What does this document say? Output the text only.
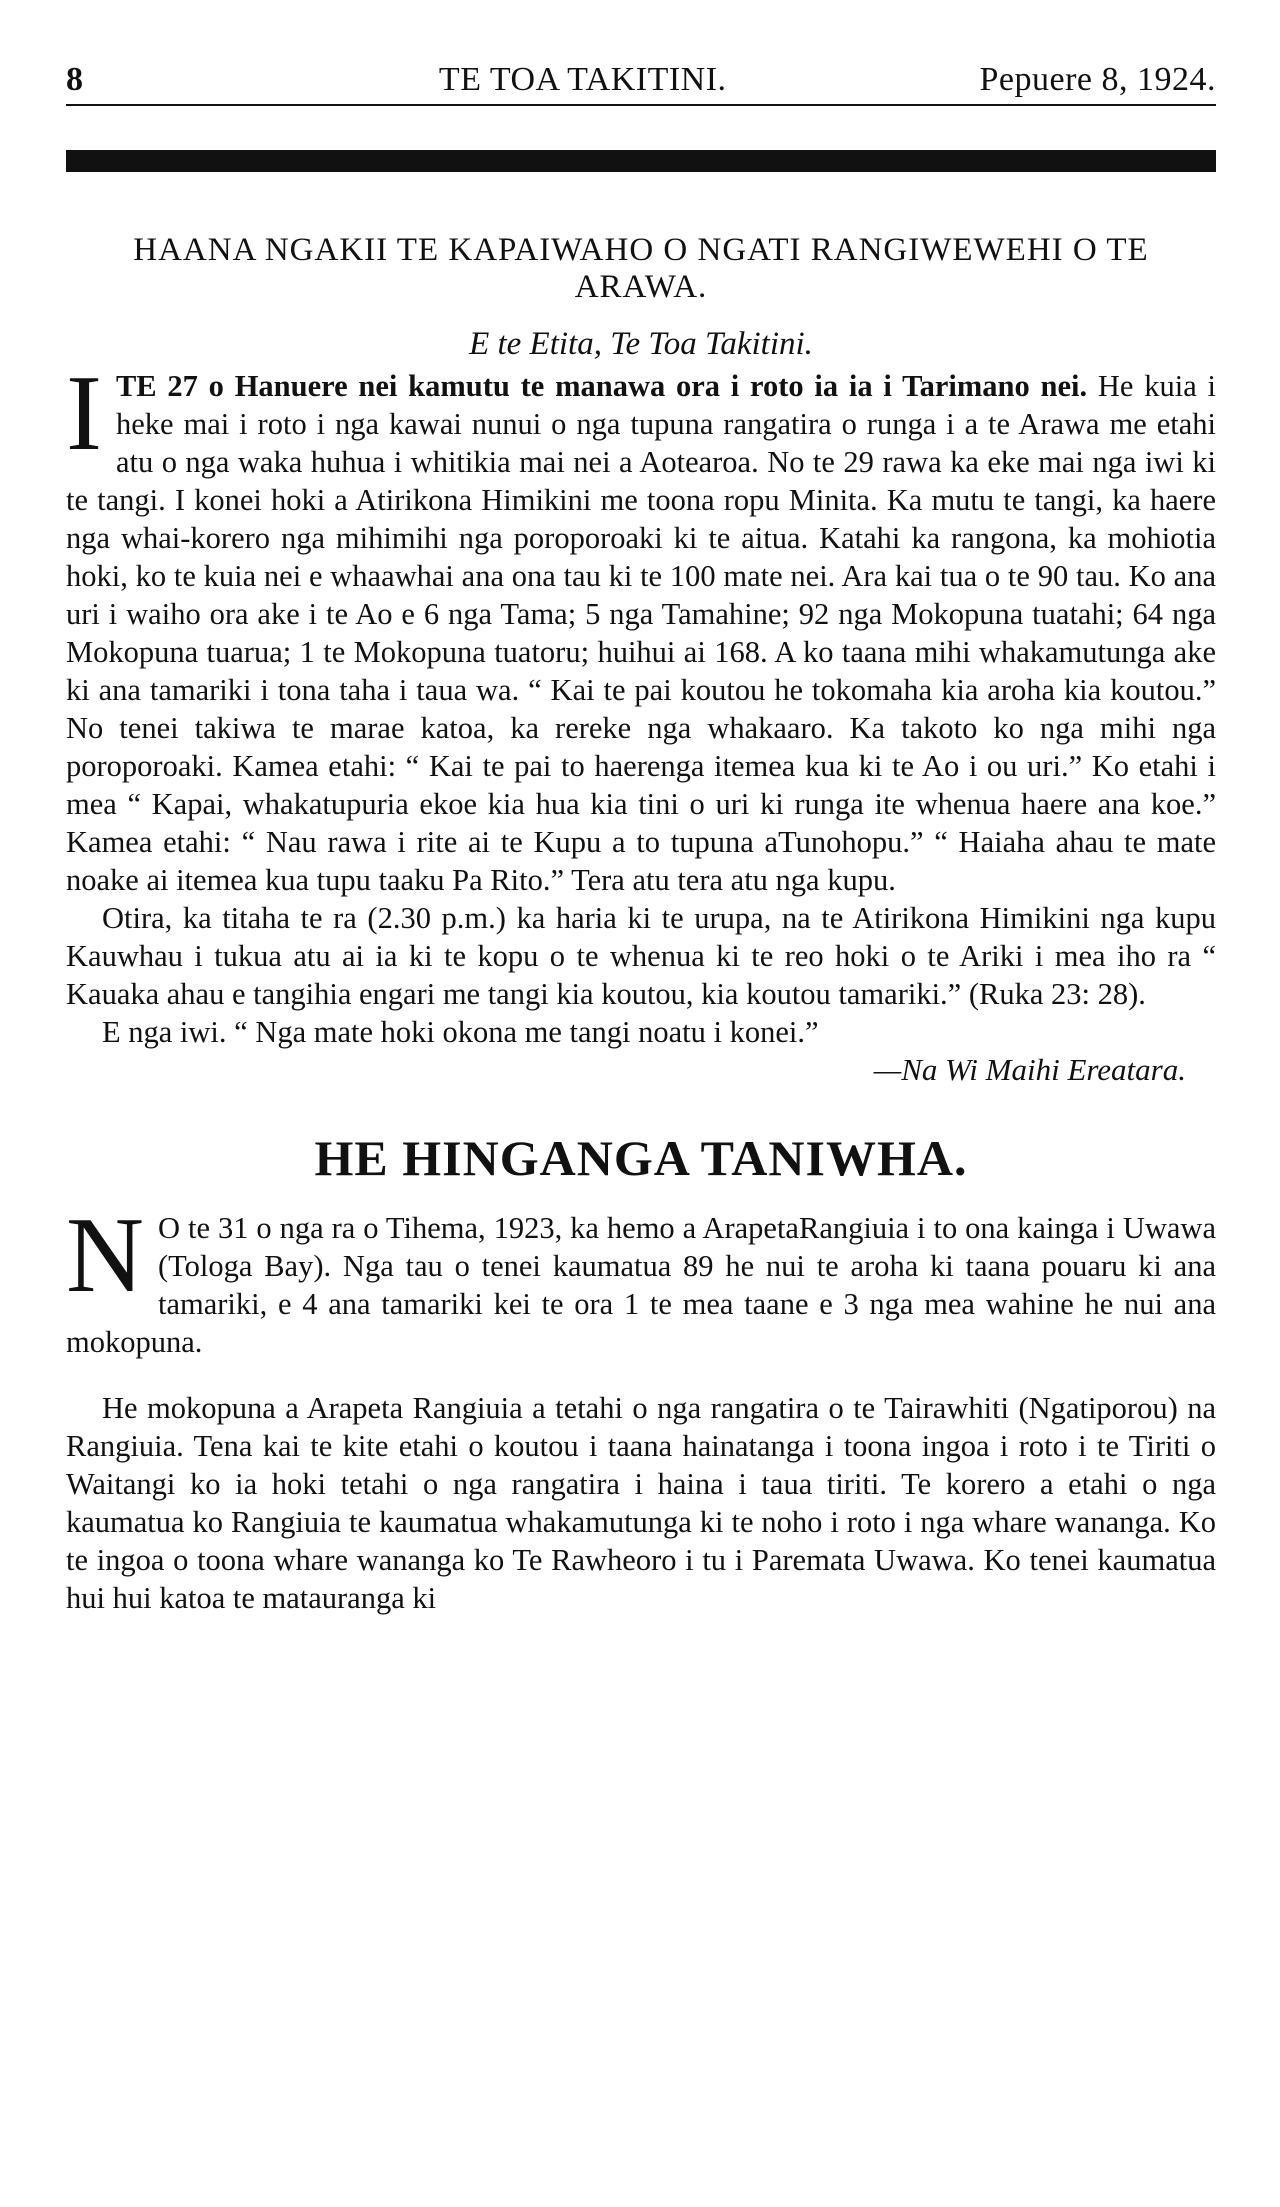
8	TE TOA TAKITINI.	Pepuere 8, 1924.
HAANA NGAKII TE KAPAIWAHO O NGATI RANGIWEWEHI O TE ARAWA.
E te Etita, Te Toa Takitini.

I TE 27 o Hanuere nei kamutu te manawa ora i roto ia ia i Tarimano nei. He kuia i heke mai i roto i nga kawai nunui o nga tupuna rangatira o runga i a te Arawa me etahi atu o nga waka huhua i whitikia mai nei a Aotearoa. No te 29 rawa ka eke mai nga iwi ki te tangi. I konei hoki a Atirikona Himikini me toona ropu Minita. Ka mutu te tangi, ka haere nga whai-korero nga mihimihi nga poroporoaki ki te aitua. Katahi ka rangona, ka mohiotia hoki, ko te kuia nei e whaawhai ana ona tau ki te 100 mate nei. Ara kai tua o te 90 tau. Ko ana uri i waiho ora ake i te Ao e 6 nga Tama; 5 nga Tamahine; 92 nga Mokopuna tuatahi; 64 nga Mokopuna tuarua; 1 te Mokopuna tuatoru; huihui ai 168. A ko taana mihi whakamutunga ake ki ana tamariki i tona taha i taua wa. “ Kai te pai koutou he tokomaha kia aroha kia koutou.” No tenei takiwa te marae katoa, ka rereke nga whakaaro. Ka takoto ko nga mihi nga poroporoaki. Kamea etahi: “ Kai te pai to haerenga itemea kua ki te Ao i ou uri.” Ko etahi i mea “ Kapai, whakatupuria ekoe kia hua kia tini o uri ki runga ite whenua haere ana koe.” Kamea etahi: “ Nau rawa i rite ai te Kupu a to tupuna aTunohopu.” “ Haiaha ahau te mate noake ai itemea kua tupu taaku Pa Rito.” Tera atu tera atu nga kupu.

Otira, ka titaha te ra (2.30 p.m.) ka haria ki te urupa, na te Atirikona Himikini nga kupu Kauwhau i tukua atu ai ia ki te kopu o te whenua ki te reo hoki o te Ariki i mea iho ra “ Kauaka ahau e tangihia engari me tangi kia koutou, kia koutou tamariki.” (Ruka 23: 28).

E nga iwi. “ Nga mate hoki okona me tangi noatu i konei.”

—Na Wi Maihi Ereatara.
HE HINGANGA TANIWHA.

N O te 31 o nga ra o Tihema, 1923, ka hemo a ArapetaRangiuia i to ona kainga i Uwawa (Tologa Bay). Nga tau o tenei kaumatua 89 he nui te aroha ki taana pouaru ki ana tamariki, e 4 ana tamariki kei te ora 1 te mea taane e 3 nga mea wahine he nui ana mokopuna.

He mokopuna a Arapeta Rangiuia a tetahi o nga rangatira o te Tairawhiti (Ngatiporou) na Rangiuia. Tena kai te kite etahi o koutou i taana hainatanga i toona ingoa i roto i te Tiriti o Waitangi ko ia hoki tetahi o nga rangatira i haina i taua tiriti. Te korero a etahi o nga kaumatua ko Rangiuia te kaumatua whakamutunga ki te noho i roto i nga whare wananga. Ko te ingoa o toona whare wananga ko Te Rawheoro i tu i Paremata Uwawa. Ko tenei kaumatua hui hui katoa te matauranga ki
